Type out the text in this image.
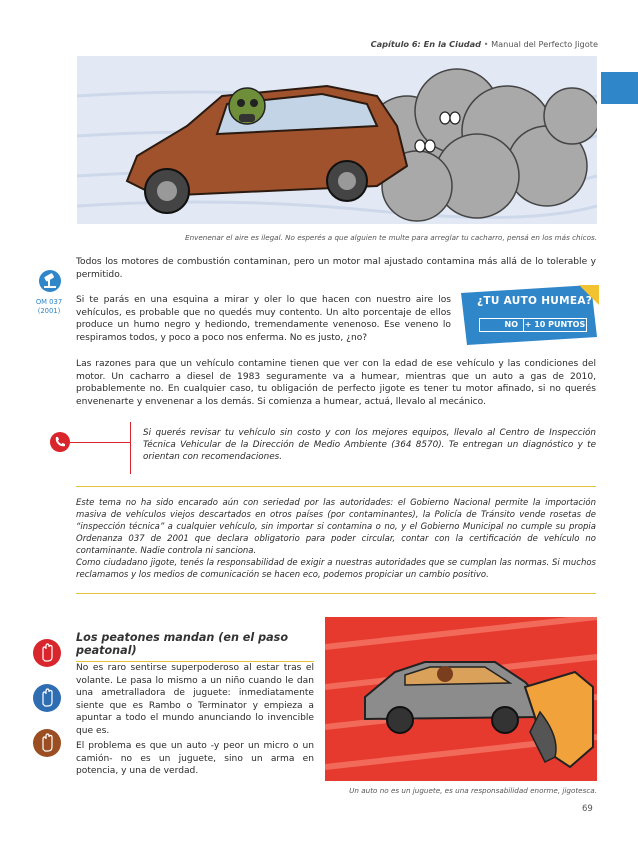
Capítulo 6: En la Ciudad • Manual del Perfecto Jigote
Envenenar el aire es ilegal. No esperés a que alguien te multe para arreglar tu cacharro, pensá en los más chicos.
OM 037
(2001)
Todos los motores de combustión contaminan, pero un motor mal ajustado contamina más allá de lo tolerable y permitido.
Si te parás en una esquina a mirar y oler lo que hacen con nuestro aire los vehículos, es probable que no quedés muy contento. Un alto porcentaje de ellos produce un humo negro y hediondo, tremendamente venenoso. Ese veneno lo respiramos todos, y poco a poco nos enferma. No es justo, ¿no?
¿TU AUTO HUMEA?
NO + 10 PUNTOS
Las razones para que un vehículo contamine tienen que ver con la edad de ese vehículo y las condiciones del motor. Un cacharro a diesel de 1983 seguramente va a humear, mientras que un auto a gas de 2010, probablemente no. En cualquier caso, tu obligación de perfecto jigote es tener tu motor afinado, si no querés envenenarte y envenenar a los demás. Si comienza a humear, actuá, llevalo al mecánico.
Si querés revisar tu vehículo sin costo y con los mejores equipos, llevalo al Centro de Inspección Técnica Vehicular de la Dirección de Medio Ambiente (364 8570). Te entregan un diagnóstico y te orientan con recomendaciones.
Este tema no ha sido encarado aún con seriedad por las autoridades: el Gobierno Nacional permite la importación masiva de vehículos viejos descartados en otros países (por contaminantes), la Policía de Tránsito vende rosetas de “inspección técnica” a cualquier vehículo, sin importar si contamina o no, y el Gobierno Municipal no cumple su propia Ordenanza 037 de 2001 que declara obligatorio para poder circular, contar con la certificación de vehículo no contaminante. Nadie controla ni sanciona.
Como ciudadano jigote, tenés la responsabilidad de exigir a nuestras autoridades que se cumplan las normas. Si muchos reclamamos y los medios de comunicación se hacen eco, podemos propiciar un cambio positivo.
Los peatones mandan (en el paso peatonal)
No es raro sentirse superpoderoso al estar tras el volante. Le pasa lo mismo a un niño cuando le dan una ametralladora de juguete: inmediatamente siente que es Rambo o Terminator y empieza a apuntar a todo el mundo anunciando lo invencible que es.
El problema es que un auto -y peor un micro o un camión- no es un juguete, sino un arma en potencia, y una de verdad.
Un auto no es un juguete, es una responsabilidad enorme, jigotesca.
69
